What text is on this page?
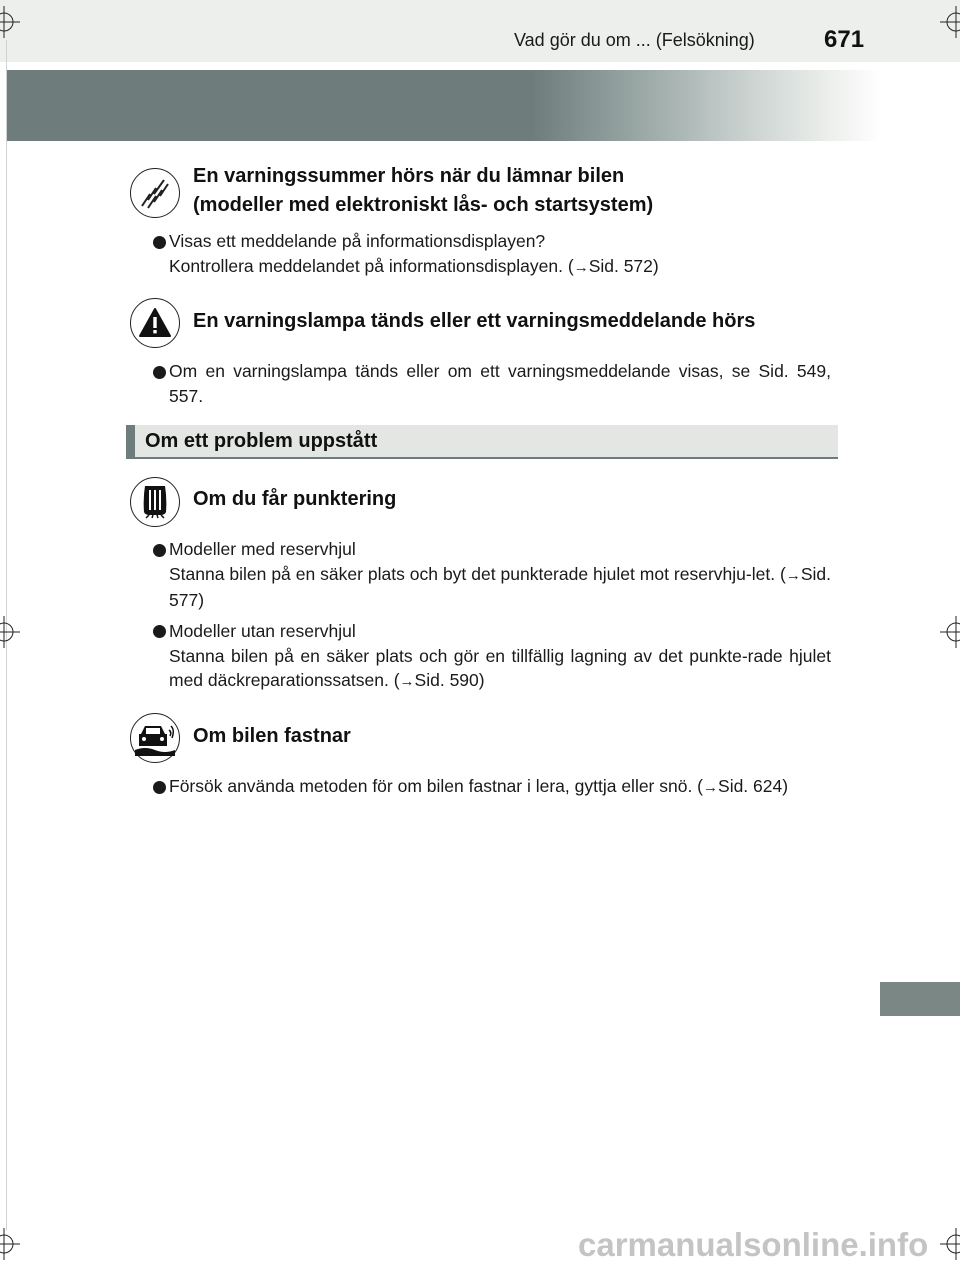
Vad gör du om ... (Felsökning)	671
En varningssummer hörs när du lämnar bilen
(modeller med elektroniskt lås- och startsystem)
Visas ett meddelande på informationsdisplayen?
Kontrollera meddelandet på informationsdisplayen. (→Sid. 572)
En varningslampa tänds eller ett varningsmeddelande hörs
Om en varningslampa tänds eller om ett varningsmeddelande visas, se Sid. 549, 557.
Om ett problem uppstått
Om du får punktering
Modeller med reservhjul
Stanna bilen på en säker plats och byt det punkterade hjulet mot reservhju-let. (→Sid. 577)
Modeller utan reservhjul
Stanna bilen på en säker plats och gör en tillfällig lagning av det punkte-rade hjulet med däckreparationssatsen. (→Sid. 590)
Om bilen fastnar
Försök använda metoden för om bilen fastnar i lera, gyttja eller snö. (→Sid. 624)
carmanualsonline.info
